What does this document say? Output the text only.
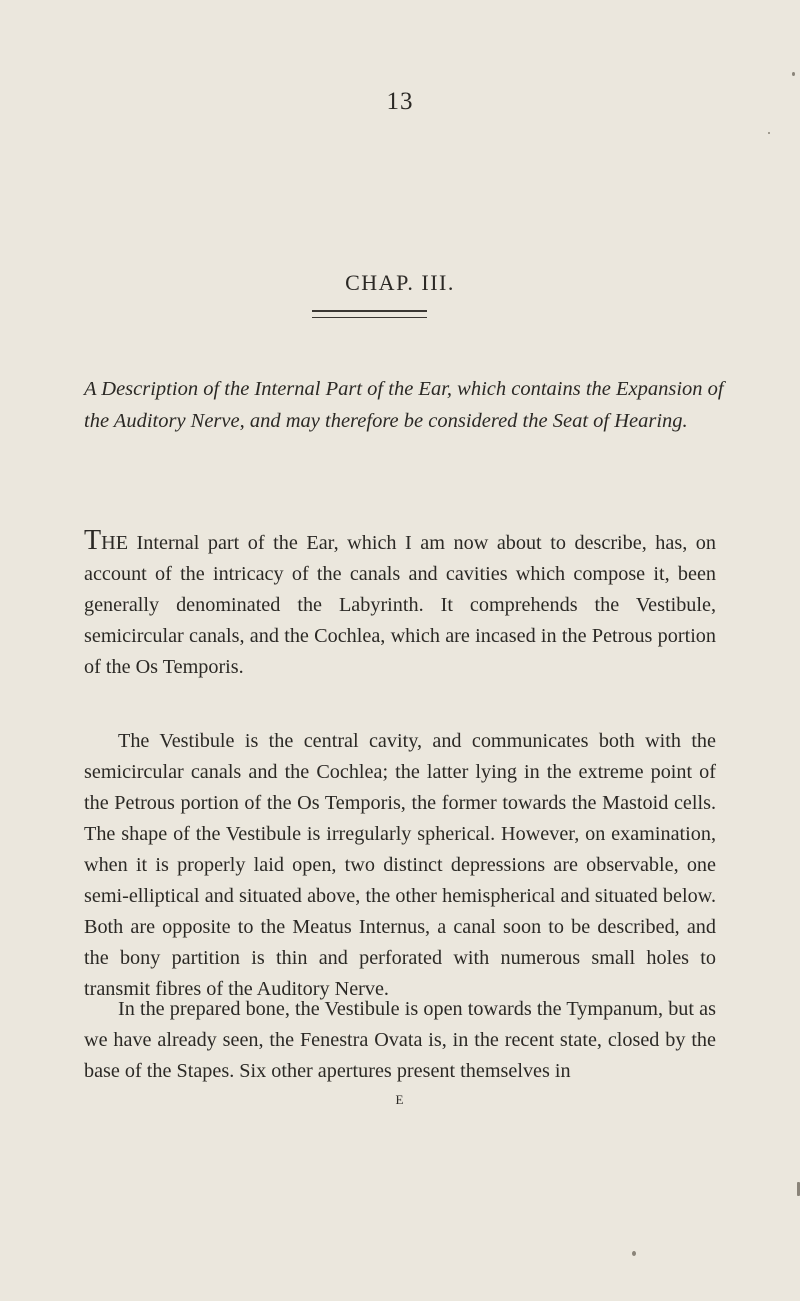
13
CHAP. III.

A Description of the Internal Part of the Ear, which contains the Expansion of the Auditory Nerve, and may therefore be considered the Seat of Hearing.

THE Internal part of the Ear, which I am now about to describe, has, on account of the intricacy of the canals and cavities which compose it, been generally denominated the Labyrinth. It comprehends the Vestibule, semicircular canals, and the Cochlea, which are incased in the Petrous portion of the Os Temporis.

The Vestibule is the central cavity, and communicates both with the semicircular canals and the Cochlea; the latter lying in the extreme point of the Petrous portion of the Os Temporis, the former towards the Mastoid cells. The shape of the Vestibule is irregularly spherical. However, on examination, when it is properly laid open, two distinct depressions are observable, one semi-elliptical and situated above, the other hemispherical and situated below. Both are opposite to the Meatus Internus, a canal soon to be described, and the bony partition is thin and perforated with numerous small holes to transmit fibres of the Auditory Nerve.

In the prepared bone, the Vestibule is open towards the Tympanum, but as we have already seen, the Fenestra Ovata is, in the recent state, closed by the base of the Stapes. Six other apertures present themselves in

E
